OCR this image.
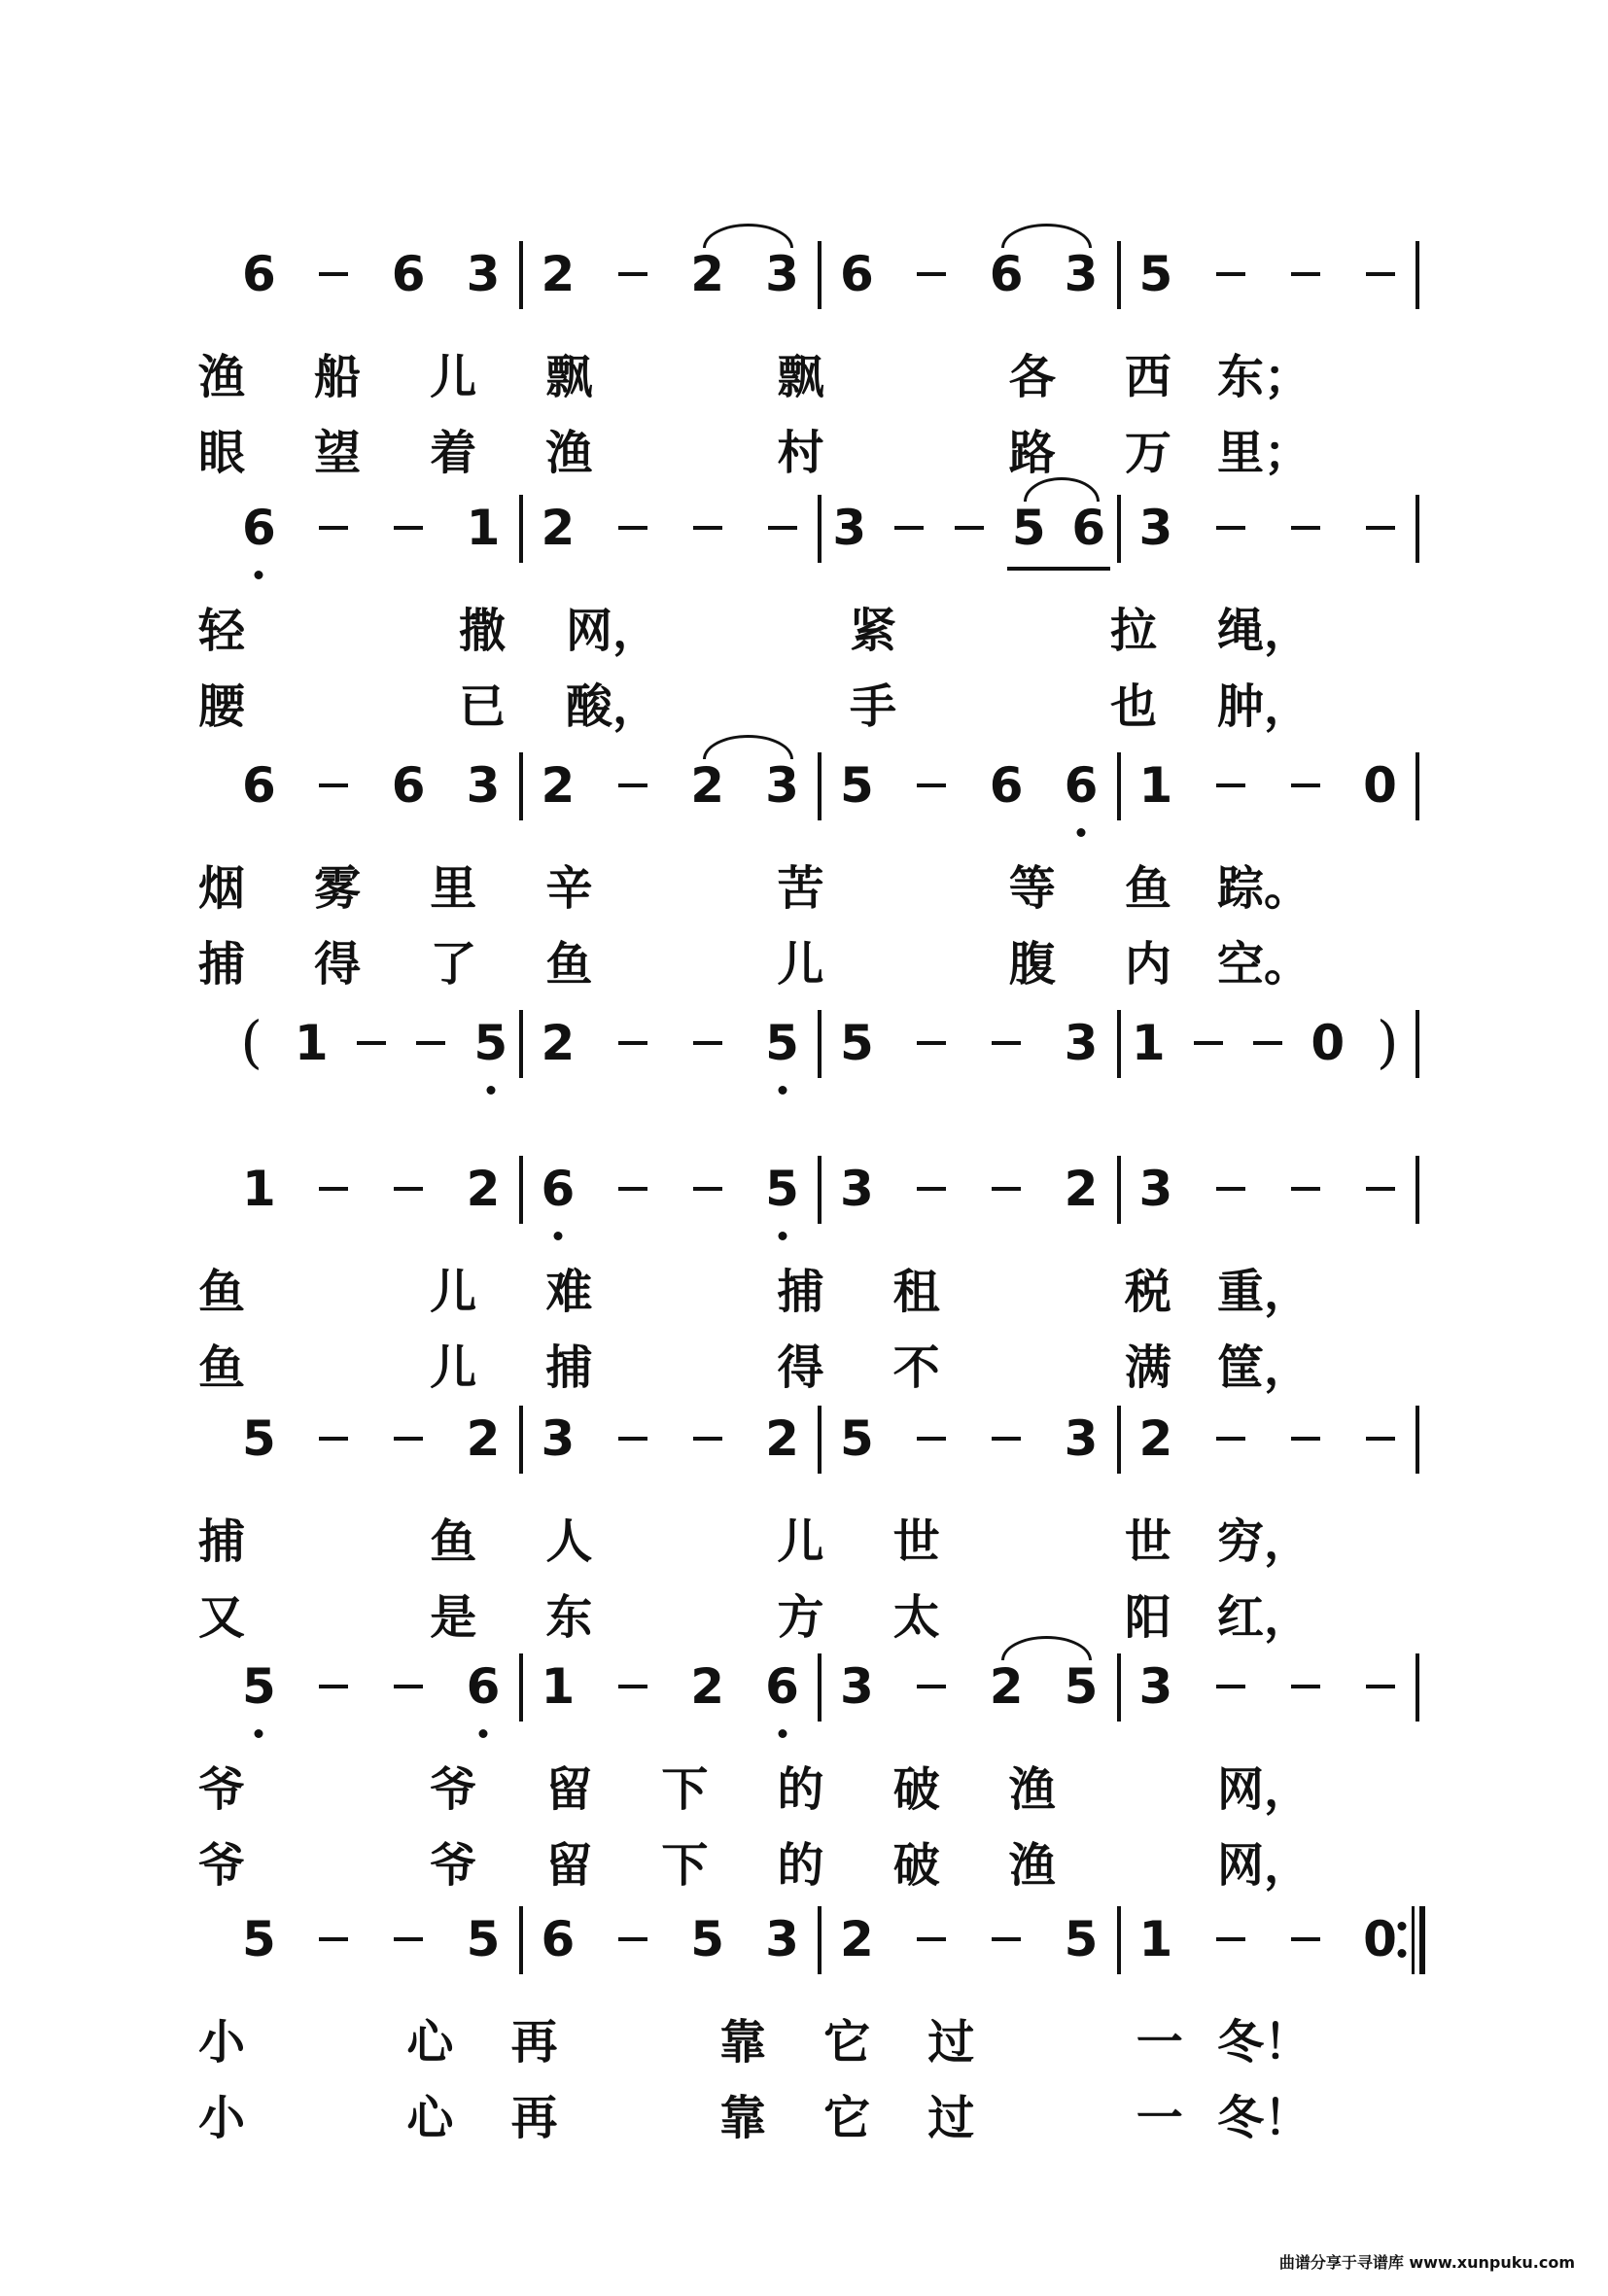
6 6 3 2 2 3 6 6 3 5
渔 船 儿 飘	飘	各 西 东；
眼 望 着 渔	村	路 万 里；
6	1 2	3	5 6 3
轻	撒 网，	紧	拉 绳，
腰	已 酸，	手	也 肿，
6 6 3 2 2 3 5 6 6 1	0
烟 雾 里 辛	苦	等 鱼 踪。
捕 得 了 鱼	儿	腹 内 空。
( 1	5 2	5 5	3 1	0 )
1	2 6	5 3	2 3
鱼	儿 难	捕 租	税 重，
鱼	儿 捕	得 不	满 筐，
5	2 3	2 5	3 2
捕	鱼 人	儿 世	世 穷，
又	是 东	方 太	阳 红，
5	6 1 2 6 3 2 5 3
爷	爷 留 下 的 破 渔	网，
爷	爷 留 下 的 破 渔	网，
5	5 6 5 3 2	5 1	0
小	心 再	靠 它 过	一 冬！
小	心 再	靠 它 过	一 冬！
曲谱分享于寻谱库 www.xunpuku.com
